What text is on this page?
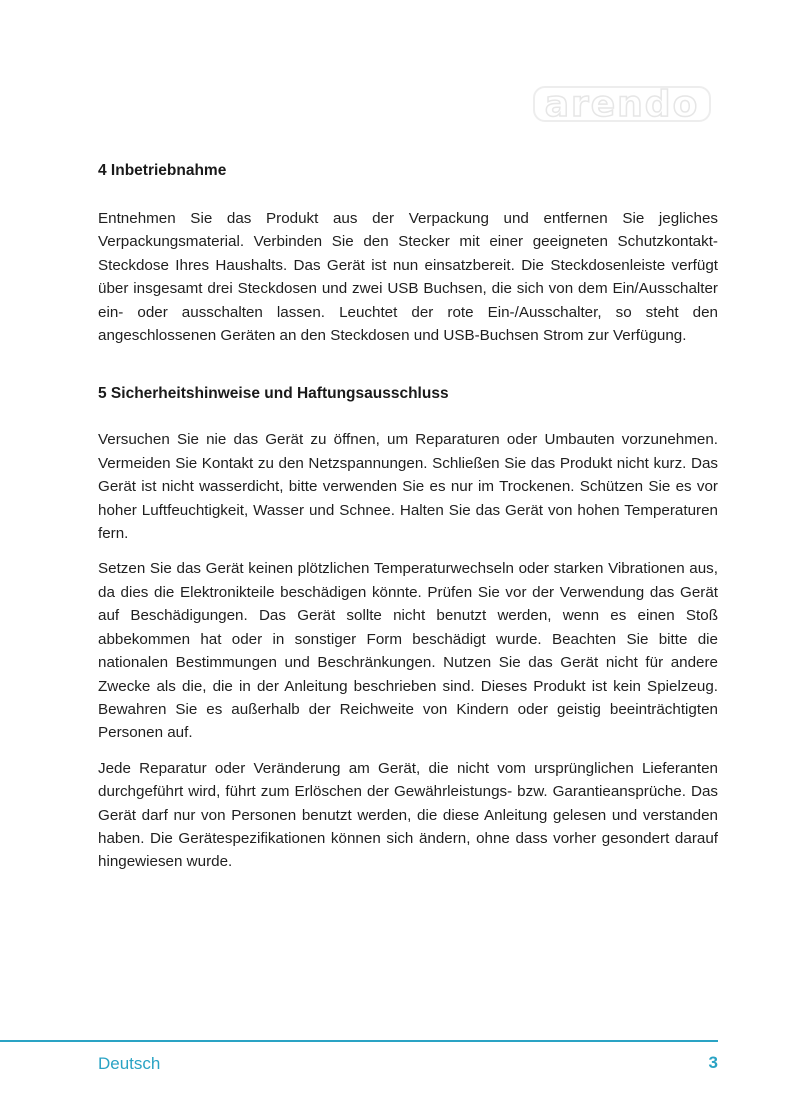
arendo
4 Inbetriebnahme

Entnehmen Sie das Produkt aus der Verpackung und entfernen Sie jegliches Verpackungsmaterial. Verbinden Sie den Stecker mit einer geeigneten Schutzkontakt-Steckdose Ihres Haushalts. Das Gerät ist nun einsatzbereit. Die Steckdosenleiste verfügt über insgesamt drei Steckdosen und zwei USB Buchsen, die sich von dem Ein/Ausschalter ein- oder ausschalten lassen. Leuchtet der rote Ein-/Ausschalter, so steht den angeschlossenen Geräten an den Steckdosen und USB-Buchsen Strom zur Verfügung.

5 Sicherheitshinweise und Haftungsausschluss

Versuchen Sie nie das Gerät zu öffnen, um Reparaturen oder Umbauten vorzunehmen. Vermeiden Sie Kontakt zu den Netzspannungen. Schließen Sie das Produkt nicht kurz. Das Gerät ist nicht wasserdicht, bitte verwenden Sie es nur im Trockenen. Schützen Sie es vor hoher Luftfeuchtigkeit, Wasser und Schnee. Halten Sie das Gerät von hohen Temperaturen fern.

Setzen Sie das Gerät keinen plötzlichen Temperaturwechseln oder starken Vibrationen aus, da dies die Elektronikteile beschädigen könnte. Prüfen Sie vor der Verwendung das Gerät auf Beschädigungen. Das Gerät sollte nicht benutzt werden, wenn es einen Stoß abbekommen hat oder in sonstiger Form beschädigt wurde. Beachten Sie bitte die nationalen Bestimmungen und Beschränkungen. Nutzen Sie das Gerät nicht für andere Zwecke als die, die in der Anleitung beschrieben sind. Dieses Produkt ist kein Spielzeug. Bewahren Sie es außerhalb der Reichweite von Kindern oder geistig beeinträchtigten Personen auf.

Jede Reparatur oder Veränderung am Gerät, die nicht vom ursprünglichen Lieferanten durchgeführt wird, führt zum Erlöschen der Gewährleistungs- bzw. Garantieansprüche. Das Gerät darf nur von Personen benutzt werden, die diese Anleitung gelesen und verstanden haben. Die Gerätespezifikationen können sich ändern, ohne dass vorher gesondert darauf hingewiesen wurde.

Deutsch	3
